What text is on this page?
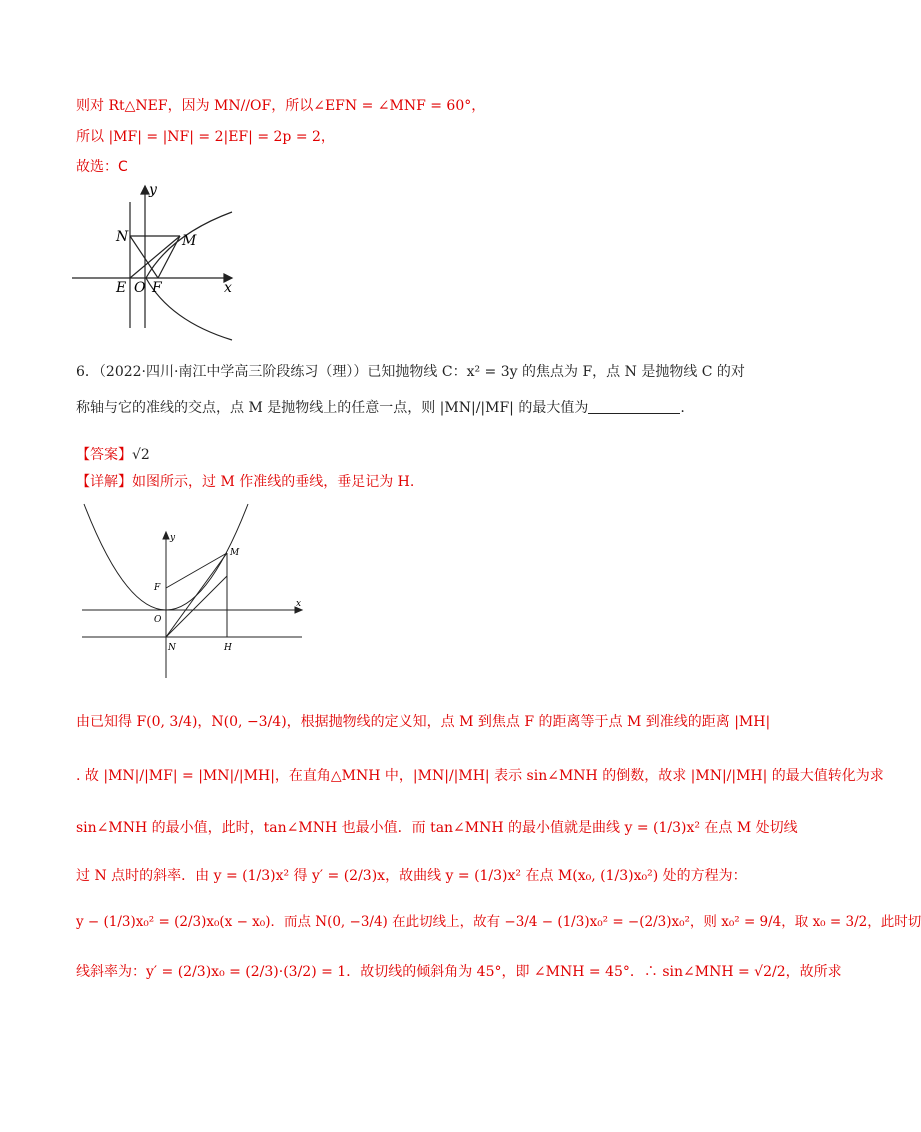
则对 Rt△NEF，因为 MN//OF，所以∠EFN = ∠MNF = 60°，
所以 |MF| = |NF| = 2|EF| = 2p = 2，
故选：C
y
x
N	M
E O F
6．（2022·四川·南江中学高三阶段练习（理））已知抛物线 C：x² = 3y 的焦点为 F，点 N 是抛物线 C 的对
称轴与它的准线的交点，点 M 是抛物线上的任意一点，则 |MN|/|MF| 的最大值为	.
【答案】√2
【详解】如图所示，过 M 作准线的垂线，垂足记为 H.
y
x
M
F
O
N	H
由已知得 F(0, 3/4)，N(0, −3/4)，根据抛物线的定义知，点 M 到焦点 F 的距离等于点 M 到准线的距离 |MH|
. 故 |MN|/|MF| = |MN|/|MH|，在直角△MNH 中，|MN|/|MH| 表示 sin∠MNH 的倒数，故求 |MN|/|MH| 的最大值转化为求
sin∠MNH 的最小值，此时，tan∠MNH 也最小值．而 tan∠MNH 的最小值就是曲线 y = (1/3)x² 在点 M 处切线
过 N 点时的斜率．由 y = (1/3)x² 得 y′ = (2/3)x，故曲线 y = (1/3)x² 在点 M(x₀, (1/3)x₀²) 处的方程为：
y − (1/3)x₀² = (2/3)x₀(x − x₀)．而点 N(0, −3/4) 在此切线上，故有 −3/4 − (1/3)x₀² = −(2/3)x₀²，则 x₀² = 9/4，取 x₀ = 3/2，此时切
线斜率为：y′ = (2/3)x₀ = (2/3)·(3/2) = 1．故切线的倾斜角为 45°，即 ∠MNH = 45°．∴ sin∠MNH = √2/2，故所求
